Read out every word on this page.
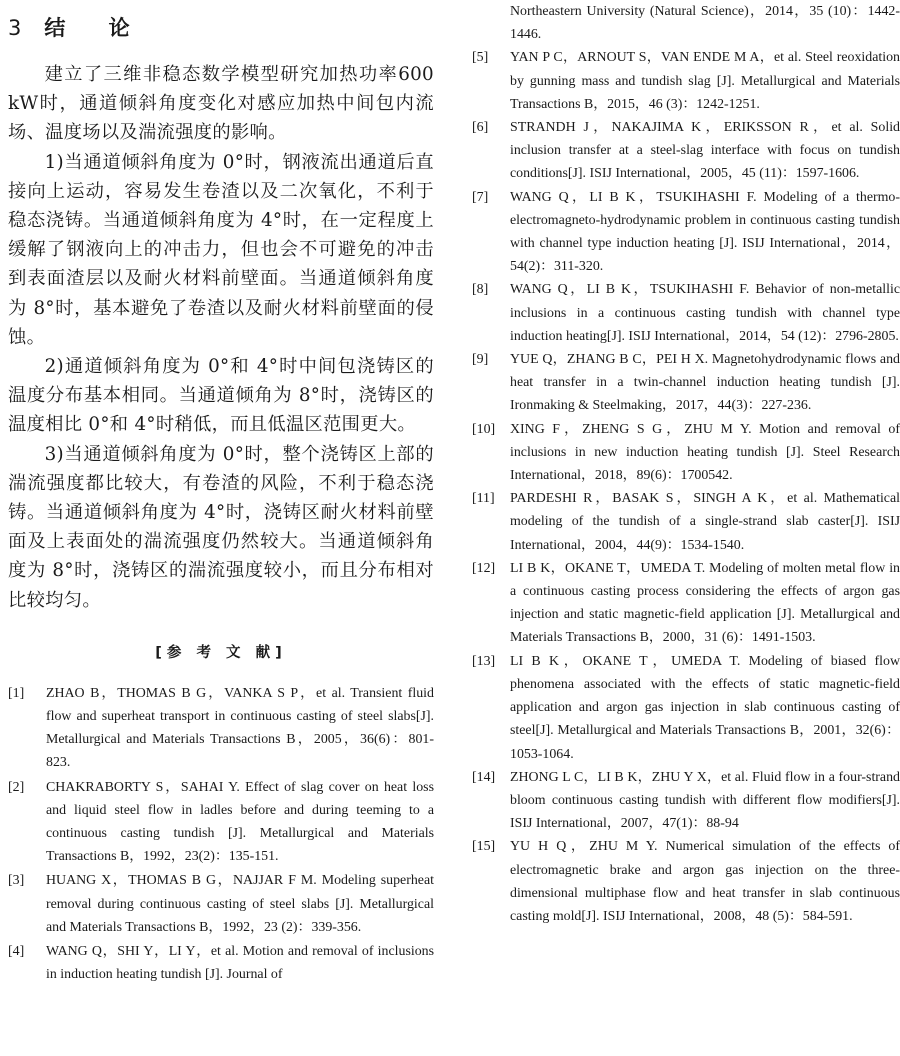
3 结 论

建立了三维非稳态数学模型研究加热功率600 kW时，通道倾斜角度变化对感应加热中间包内流场、温度场以及湍流强度的影响。

1)当通道倾斜角度为 0°时，钢液流出通道后直接向上运动，容易发生卷渣以及二次氧化，不利于稳态浇铸。当通道倾斜角度为 4°时，在一定程度上缓解了钢液向上的冲击力，但也会不可避免的冲击到表面渣层以及耐火材料前壁面。当通道倾斜角度为 8°时，基本避免了卷渣以及耐火材料前壁面的侵蚀。

2)通道倾斜角度为 0°和 4°时中间包浇铸区的温度分布基本相同。当通道倾角为 8°时，浇铸区的温度相比 0°和 4°时稍低，而且低温区范围更大。

3)当通道倾斜角度为 0°时，整个浇铸区上部的湍流强度都比较大，有卷渣的风险，不利于稳态浇铸。当通道倾斜角度为 4°时，浇铸区耐火材料前壁面及上表面处的湍流强度仍然较大。当通道倾斜角度为 8°时，浇铸区的湍流强度较小，而且分布相对比较均匀。

[参 考 文 献]
[1]	ZHAO B，THOMAS B G，VANKA S P，et al. Transient fluid flow and superheat transport in continuous casting of steel slabs[J]. Metallurgical and Materials Transactions B，2005，36(6)：801-823.
[2]	CHAKRABORTY S，SAHAI Y. Effect of slag cover on heat loss and liquid steel flow in ladles before and during teeming to a continuous casting tundish [J]. Metallurgical and Materials Transactions B，1992，23(2)：135-151.
[3]	HUANG X，THOMAS B G，NAJJAR F M. Modeling superheat removal during continuous casting of steel slabs [J]. Metallurgical and Materials Transactions B，1992，23 (2)：339-356.
[4]	WANG Q，SHI Y，LI Y，et al. Motion and removal of inclusions in induction heating tundish [J]. Journal of
Northeastern University (Natural Science)，2014，35 (10)：1442-1446.
[5]	YAN P C，ARNOUT S，VAN ENDE M A，et al. Steel reoxidation by gunning mass and tundish slag [J]. Metallurgical and Materials Transactions B，2015，46 (3)：1242-1251.
[6]	STRANDH J，NAKAJIMA K，ERIKSSON R，et al. Solid inclusion transfer at a steel-slag interface with focus on tundish conditions[J]. ISIJ International，2005，45 (11)：1597-1606.
[7]	WANG Q，LI B K，TSUKIHASHI F. Modeling of a thermo-electromagneto-hydrodynamic problem in continuous casting tundish with channel type induction heating [J]. ISIJ International，2014，54(2)：311-320.
[8]	WANG Q，LI B K，TSUKIHASHI F. Behavior of non-metallic inclusions in a continuous casting tundish with channel type induction heating[J]. ISIJ International，2014，54 (12)：2796-2805.
[9]	YUE Q，ZHANG B C，PEI H X. Magnetohydrodynamic flows and heat transfer in a twin-channel induction heating tundish [J]. Ironmaking & Steelmaking，2017，44(3)：227-236.
[10]	XING F，ZHENG S G，ZHU M Y. Motion and removal of inclusions in new induction heating tundish [J]. Steel Research International，2018，89(6)：1700542.
[11]	PARDESHI R，BASAK S，SINGH A K，et al. Mathematical modeling of the tundish of a single-strand slab caster[J]. ISIJ International，2004，44(9)：1534-1540.
[12]	LI B K，OKANE T，UMEDA T. Modeling of molten metal flow in a continuous casting process considering the effects of argon gas injection and static magnetic-field application [J]. Metallurgical and Materials Transactions B，2000，31 (6)：1491-1503.
[13]	LI B K，OKANE T，UMEDA T. Modeling of biased flow phenomena associated with the effects of static magnetic-field application and argon gas injection in slab continuous casting of steel[J]. Metallurgical and Materials Transactions B，2001，32(6)：1053-1064.
[14]	ZHONG L C，LI B K，ZHU Y X，et al. Fluid flow in a four-strand bloom continuous casting tundish with different flow modifiers[J]. ISIJ International，2007，47(1)：88-94
[15]	YU H Q，ZHU M Y. Numerical simulation of the effects of electromagnetic brake and argon gas injection on the three-dimensional multiphase flow and heat transfer in slab continuous casting mold[J]. ISIJ International，2008，48 (5)：584-591.
